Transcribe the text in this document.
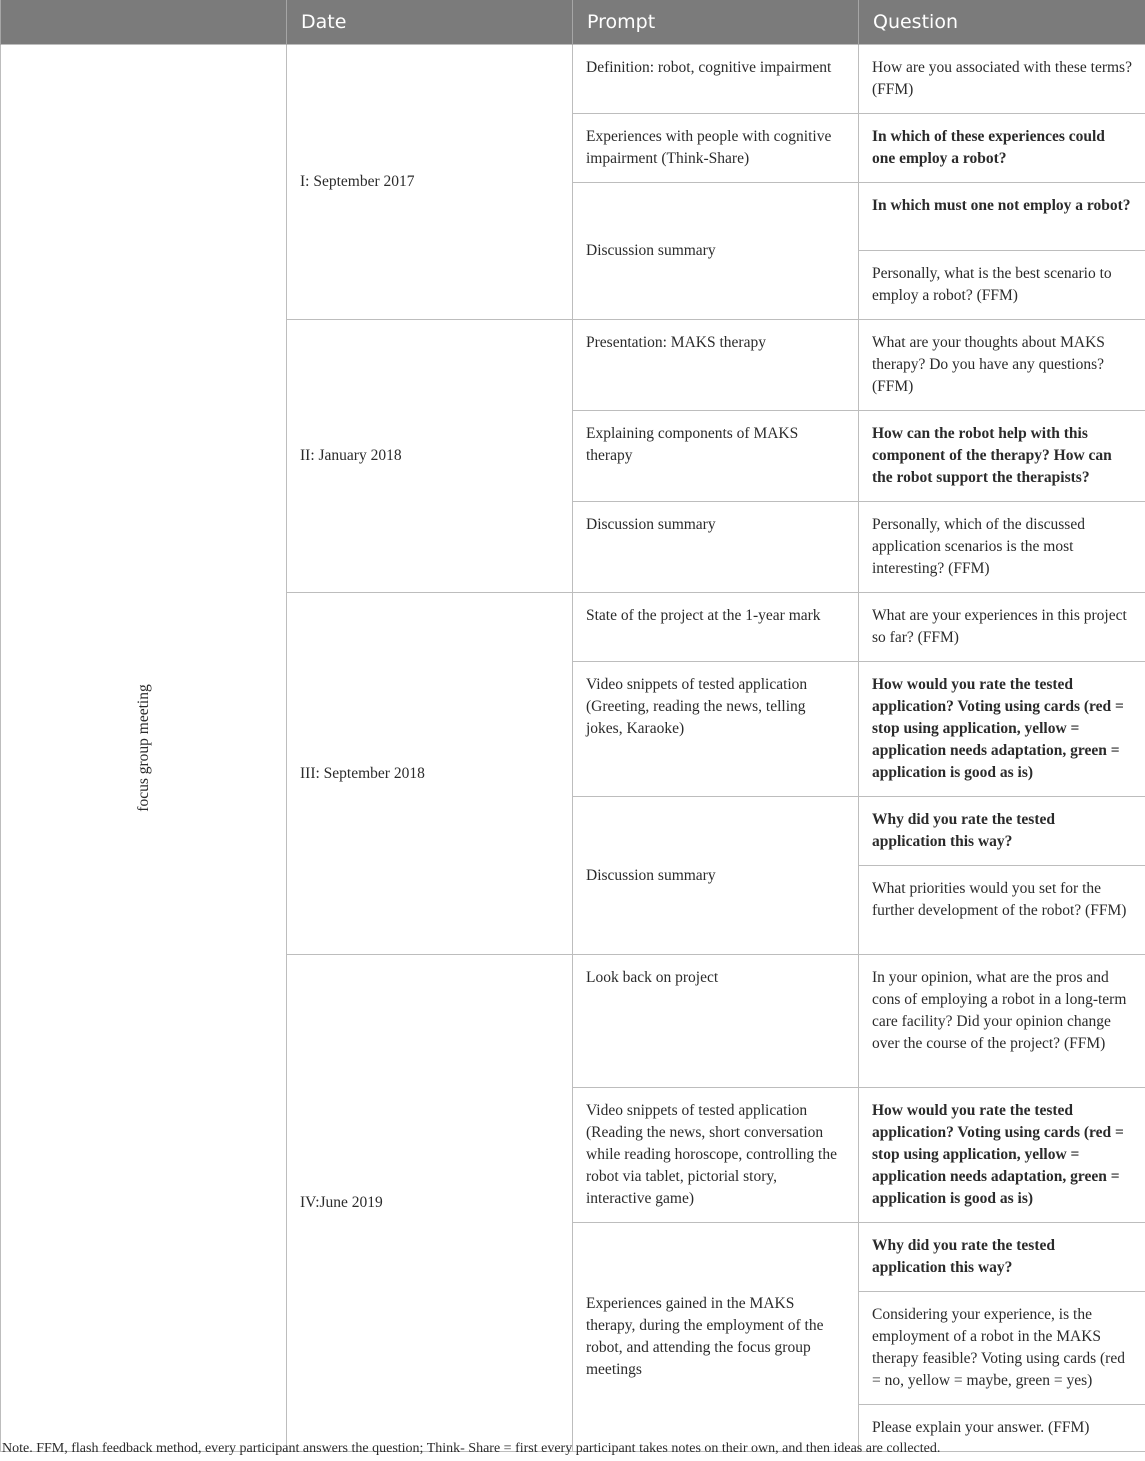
	Date	Prompt	Question

focus group meeting	I: September 2017	Definition: robot, cognitive impairment	How are you associated with these terms? (FFM)
		Experiences with people with cognitive impairment (Think-Share)	In which of these experiences could one employ a robot?
		Discussion summary	In which must one not employ a robot?
			Personally, what is the best scenario to employ a robot? (FFM)
	II: January 2018	Presentation: MAKS therapy	What are your thoughts about MAKS therapy? Do you have any questions? (FFM)
		Explaining components of MAKS therapy	How can the robot help with this component of the therapy? How can the robot support the therapists?
		Discussion summary	Personally, which of the discussed application scenarios is the most interesting? (FFM)
	III: September 2018	State of the project at the 1-year mark	What are your experiences in this project so far? (FFM)
		Video snippets of tested application (Greeting, reading the news, telling jokes, Karaoke)	How would you rate the tested application? Voting using cards (red = stop using application, yellow = application needs adaptation, green = application is good as is)
		Discussion summary	Why did you rate the tested application this way?
			What priorities would you set for the further development of the robot? (FFM)
	IV:June 2019	Look back on project	In your opinion, what are the pros and cons of employing a robot in a long-term care facility? Did your opinion change over the course of the project? (FFM)
		Video snippets of tested application (Reading the news, short conversation while reading horoscope, controlling the robot via tablet, pictorial story, interactive game)	How would you rate the tested application? Voting using cards (red = stop using application, yellow = application needs adaptation, green = application is good as is)
		Experiences gained in the MAKS therapy, during the employment of the robot, and attending the focus group meetings	Why did you rate the tested application this way?
			Considering your experience, is the employment of a robot in the MAKS therapy feasible? Voting using cards (red = no, yellow = maybe, green = yes)
			Please explain your answer. (FFM)
Note. FFM, flash feedback method, every participant answers the question; Think- Share = first every participant takes notes on their own, and then ideas are collected.
